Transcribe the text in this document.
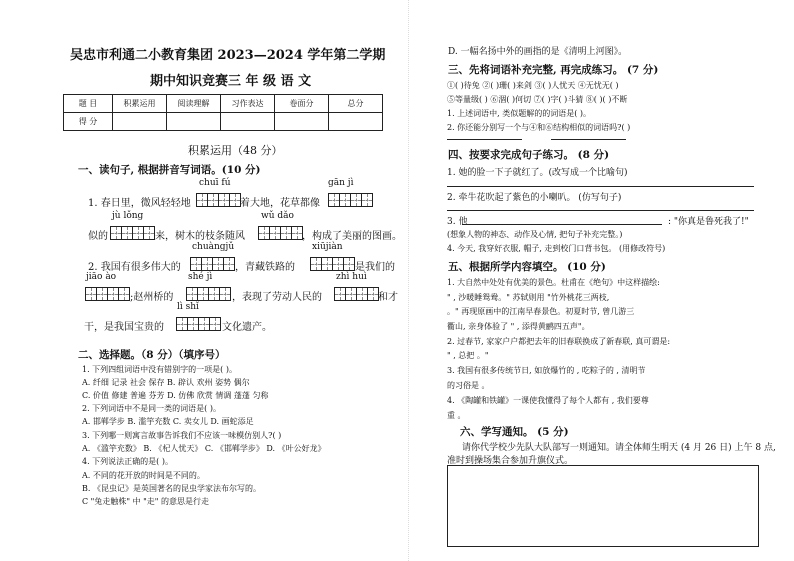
吴忠市利通二小教育集团 2023—2024 学年第二学期
期中知识竞赛三 年 级 语 文
题 目	积累运用	阅读理解	习作表达	卷面分	总分
得 分					
积累运用（48 分）
一、读句子, 根据拼音写词语。(10 分)
chuī fú	gān jì
1. 春日里，微风轻轻地	着大地，花草都像
jù lǒng	wǔ dǎo
似的	来，树木的枝条随风	，构成了美丽的图画。
chuàngjǔ	xiūjiàn
2. 我国有很多伟大的	，青藏铁路的	是我们的
jiāo ào	shé jì	zhì huì
;赵州桥的	，表现了劳动人民的	和才
lì shǐ
干，是我国宝贵的	文化遗产。
二、选择题。（8 分）（填序号）
1. 下列四组词语中没有错别字的一项是( )。
A. 纤细 记录 社会 保存 B. 辟认 欢州 姿势 偶尔
C. 价值 修建 普遍 芬芳 D. 仿佛 欣赏 情调 蓬蓬 匀称
2. 下列词语中不是同一类的词语是( )。
A. 邯郸学步 B. 滥竽充数 C. 卖女儿 D. 画蛇添足
3. 下列哪一则寓言故事告诉我们不应该一味模仿别人?( )
A. 《滥竽充数》 B. 《杞人忧天》 C. 《邯郸学步》 D. 《叶公好龙》
4. 下列说法正确的是( )。
A. 不同的花开放的时间是不同的。
B. 《昆虫记》是英国著名的昆虫学家法布尔写的。
C "兔走触株" 中 "走" 的意思是行走
D. 一幅名扬中外的画指的是《清明上河图》。
三、先将词语补充完整, 再完成练习。 (7 分)
①( )待兔 ②( )珊( )来剑 ③( )人忧天 ④无忧无( )
⑤等量级( ) ⑥涸( )何切 ⑦( )字( )斗猜 ⑧( )( )不断
1. 上述词语中, 类似题解的的词语是( )。
2. 你还能分别写一个与④和⑥结构相似的词语吗?( )
四、按要求完成句子练习。 (8 分)
1. 她的脸一下子就红了。(改写成一个比喻句)
2. 牵牛花吹起了紫色的小喇叭。 (仿写句子)
3. 他	: "你真是鲁死我了!"
(想象人物的神态、动作及心情, 把句子补充完整。)
4. 今天, 我穿好衣服, 帽子, 走到校门口背书包。 (用修改符号)
五、根据所学内容填空。 (10 分)
1. 大自然中处处有优美的景色。杜甫在《绝句》中这样描绘:
" , 沙暖睡鸳鸯。" 苏轼则用 "竹外桃花三两枝,
。" 再现原画中的江南早春景色。初夏时节, 曾几游三
衢山, 亲身体验了 " , 添得黄鹂四五声"。
2. 过春节, 家家户户都把去年的旧春联换成了新春联, 真可谓是:
" , 总把 。"
3. 我国有很多传统节日, 如放爆竹的 , 吃粽子的 , 清明节
的习俗是 。
4. 《陶罐和铁罐》一课使我懂得了每个人都有 , 我们要尊
重 。
六、学写通知。 (5 分)
请你代学校少先队大队部写一则通知。请全体师生明天 (4 月 26 日) 上午 8 点,
准时到操场集合参加升旗仪式。
